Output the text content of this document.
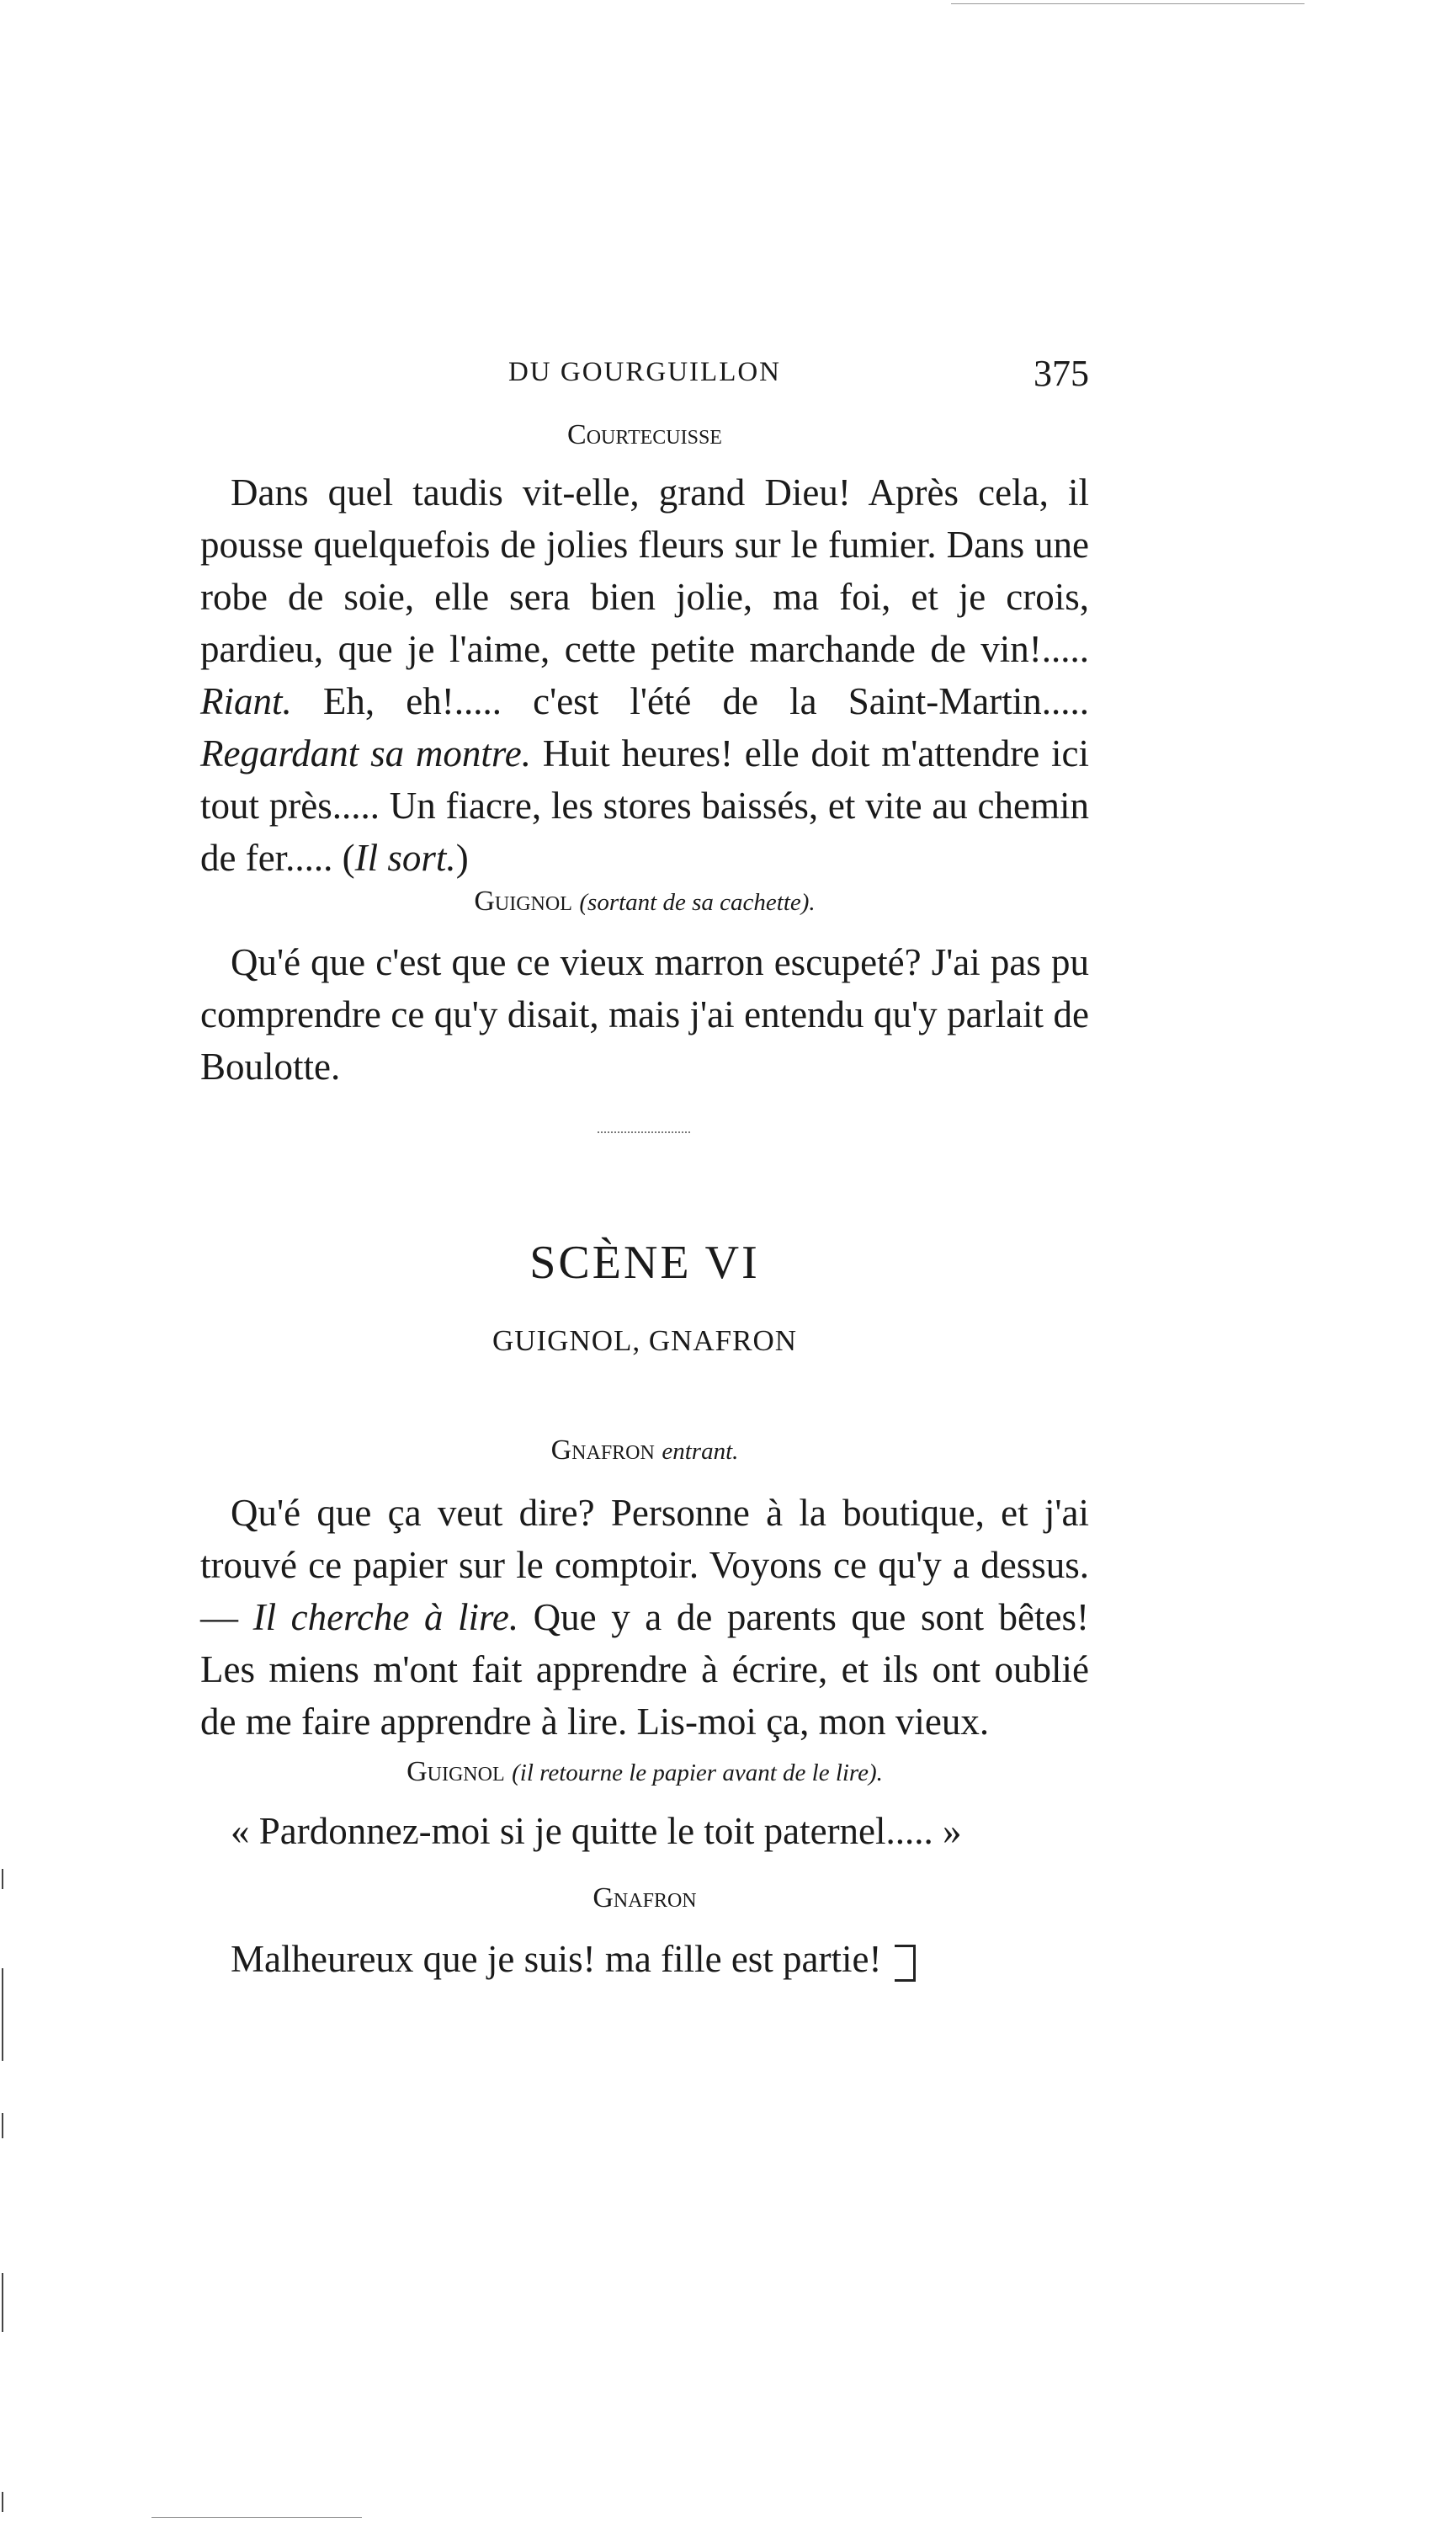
DU GOURGUILLON	375

Courtecuisse

Dans quel taudis vit-elle, grand Dieu! Après cela, il pousse quelquefois de jolies fleurs sur le fumier. Dans une robe de soie, elle sera bien jolie, ma foi, et je crois, pardieu, que je l'aime, cette petite marchande de vin!..... Riant. Eh, eh!..... c'est l'été de la Saint-Martin..... Regardant sa montre. Huit heures! elle doit m'attendre ici tout près..... Un fiacre, les stores baissés, et vite au chemin de fer..... (Il sort.)

Guignol (sortant de sa cachette).

Qu'é que c'est que ce vieux marron escupeté? J'ai pas pu comprendre ce qu'y disait, mais j'ai entendu qu'y parlait de Boulotte.

SCÈNE VI

GUIGNOL, GNAFRON

Gnafron entrant.

Qu'é que ça veut dire? Personne à la boutique, et j'ai trouvé ce papier sur le comptoir. Voyons ce qu'y a dessus. — Il cherche à lire. Que y a de parents que sont bêtes! Les miens m'ont fait apprendre à écrire, et ils ont oublié de me faire apprendre à lire. Lis-moi ça, mon vieux.

Guignol (il retourne le papier avant de le lire).

« Pardonnez-moi si je quitte le toit paternel..... »

Gnafron

Malheureux que je suis! ma fille est partie!
